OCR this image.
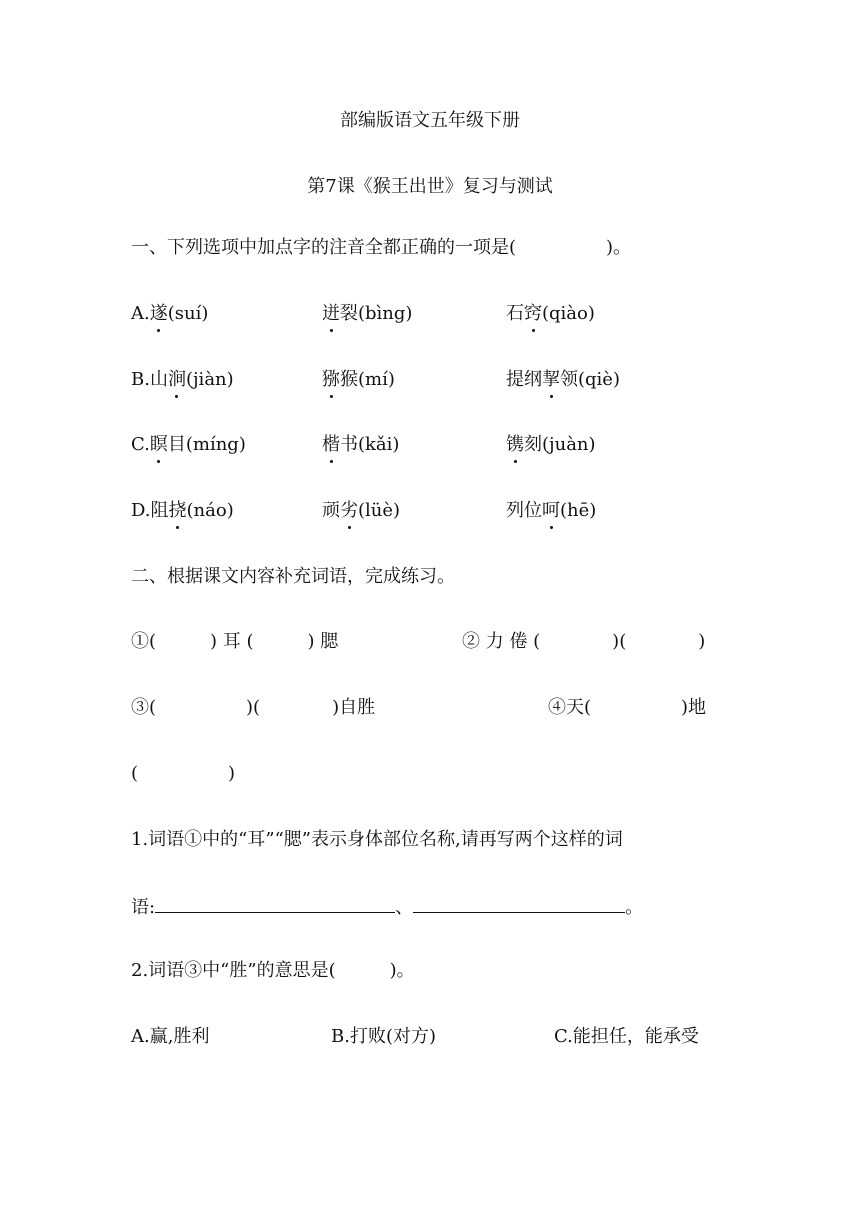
部编版语文五年级下册
第7课《猴王出世》复习与测试
一、下列选项中加点字的注音全都正确的一项是(　　　　　)。
A.遂(suí)	迸裂(bìng)	石窍(qiào)
B.山涧(jiàn)	猕猴(mí)	提纲挈领(qiè)
C.瞑目(míng)	楷书(kǎi)	镌刻(juàn)
D.阻挠(náo)	顽劣(lüè)	列位呵(hē)
二、根据课文内容补充词语，完成练习。
①(　　　) 耳 (　　　) 腮	② 力 倦 (　　　　)(　　　　)
③(　　　　　)(　　　　)自胜	④天(　　　　　)地
(　　　　　)
1.词语①中的“耳”“腮”表示身体部位名称,请再写两个这样的词
语:	、	。
2.词语③中“胜”的意思是(　　　)。
A.赢,胜利	B.打败(对方)	C.能担任，能承受
